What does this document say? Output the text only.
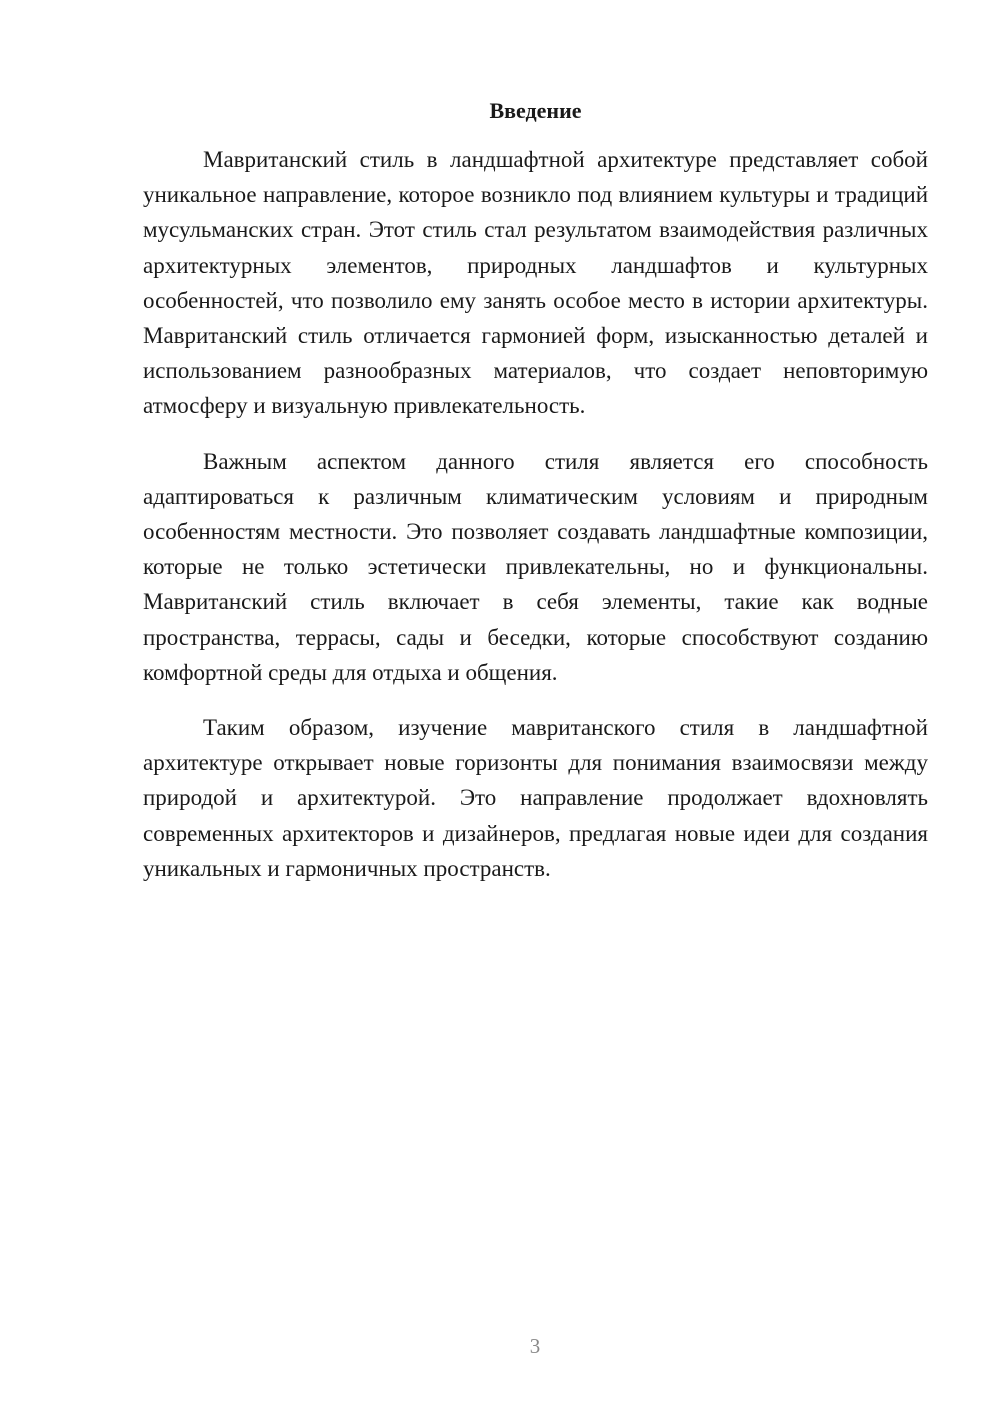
Введение

Мавританский стиль в ландшафтной архитектуре представляет собой уникальное направление, которое возникло под влиянием культуры и традиций мусульманских стран. Этот стиль стал результатом взаимодействия различных архитектурных элементов, природных ландшафтов и культурных особенностей, что позволило ему занять особое место в истории архитектуры. Мавританский стиль отличается гармонией форм, изысканностью деталей и использованием разнообразных материалов, что создает неповторимую атмосферу и визуальную привлекательность.

Важным аспектом данного стиля является его способность адаптироваться к различным климатическим условиям и природным особенностям местности. Это позволяет создавать ландшафтные композиции, которые не только эстетически привлекательны, но и функциональны. Мавританский стиль включает в себя элементы, такие как водные пространства, террасы, сады и беседки, которые способствуют созданию комфортной среды для отдыха и общения.

Таким образом, изучение мавританского стиля в ландшафтной архитектуре открывает новые горизонты для понимания взаимосвязи между природой и архитектурой. Это направление продолжает вдохновлять современных архитекторов и дизайнеров, предлагая новые идеи для создания уникальных и гармоничных пространств.

3
